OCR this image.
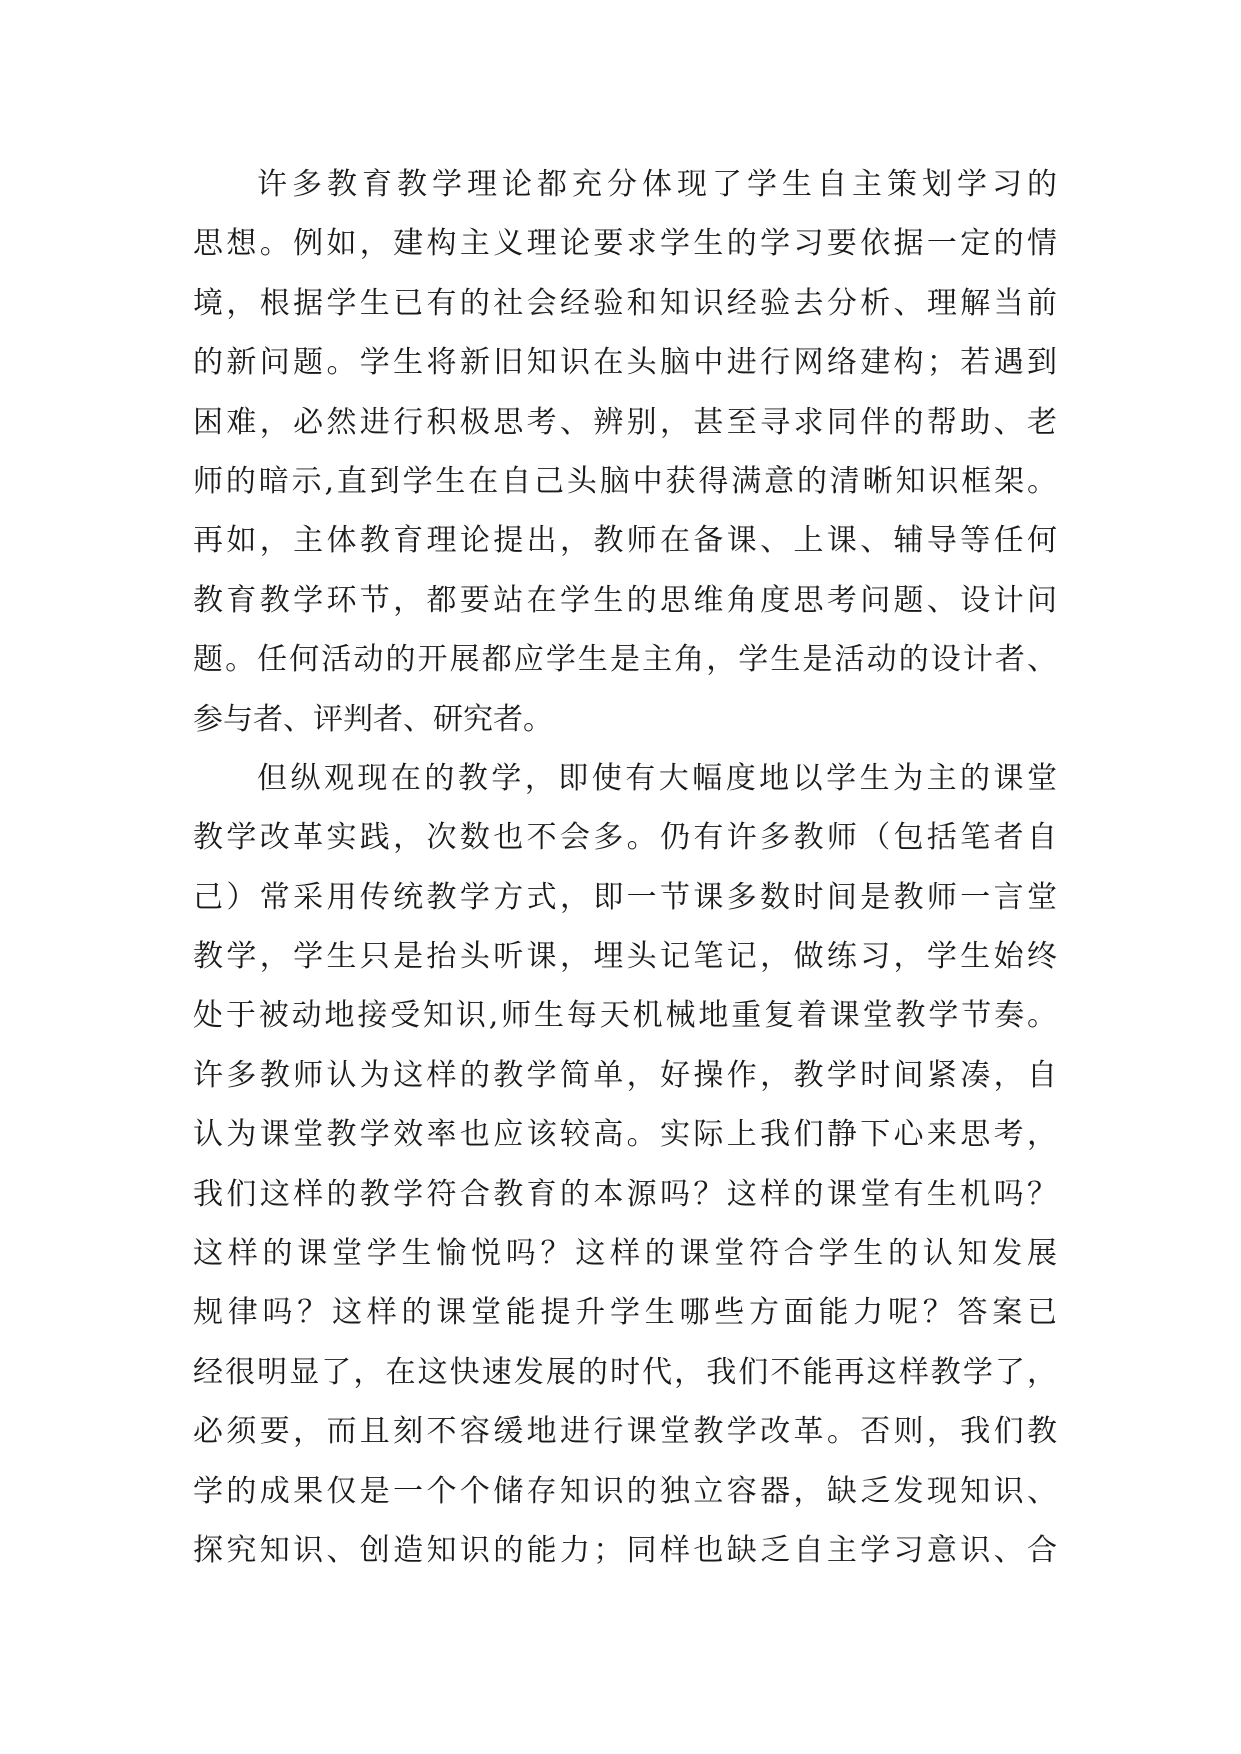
许多教育教学理论都充分体现了学生自主策划学习的
思想。例如，建构主义理论要求学生的学习要依据一定的情
境，根据学生已有的社会经验和知识经验去分析、理解当前
的新问题。学生将新旧知识在头脑中进行网络建构；若遇到
困难，必然进行积极思考、辨别，甚至寻求同伴的帮助、老
师的暗示,直到学生在自己头脑中获得满意的清晰知识框架。
再如，主体教育理论提出，教师在备课、上课、辅导等任何
教育教学环节，都要站在学生的思维角度思考问题、设计问
题。任何活动的开展都应学生是主角，学生是活动的设计者、
参与者、评判者、研究者。
但纵观现在的教学，即使有大幅度地以学生为主的课堂
教学改革实践，次数也不会多。仍有许多教师（包括笔者自
己）常采用传统教学方式，即一节课多数时间是教师一言堂
教学，学生只是抬头听课，埋头记笔记，做练习，学生始终
处于被动地接受知识,师生每天机械地重复着课堂教学节奏。
许多教师认为这样的教学简单，好操作，教学时间紧凑，自
认为课堂教学效率也应该较高。实际上我们静下心来思考，
我们这样的教学符合教育的本源吗？这样的课堂有生机吗？
这样的课堂学生愉悦吗？这样的课堂符合学生的认知发展
规律吗？这样的课堂能提升学生哪些方面能力呢？答案已
经很明显了，在这快速发展的时代，我们不能再这样教学了，
必须要，而且刻不容缓地进行课堂教学改革。否则，我们教
学的成果仅是一个个储存知识的独立容器，缺乏发现知识、
探究知识、创造知识的能力；同样也缺乏自主学习意识、合
